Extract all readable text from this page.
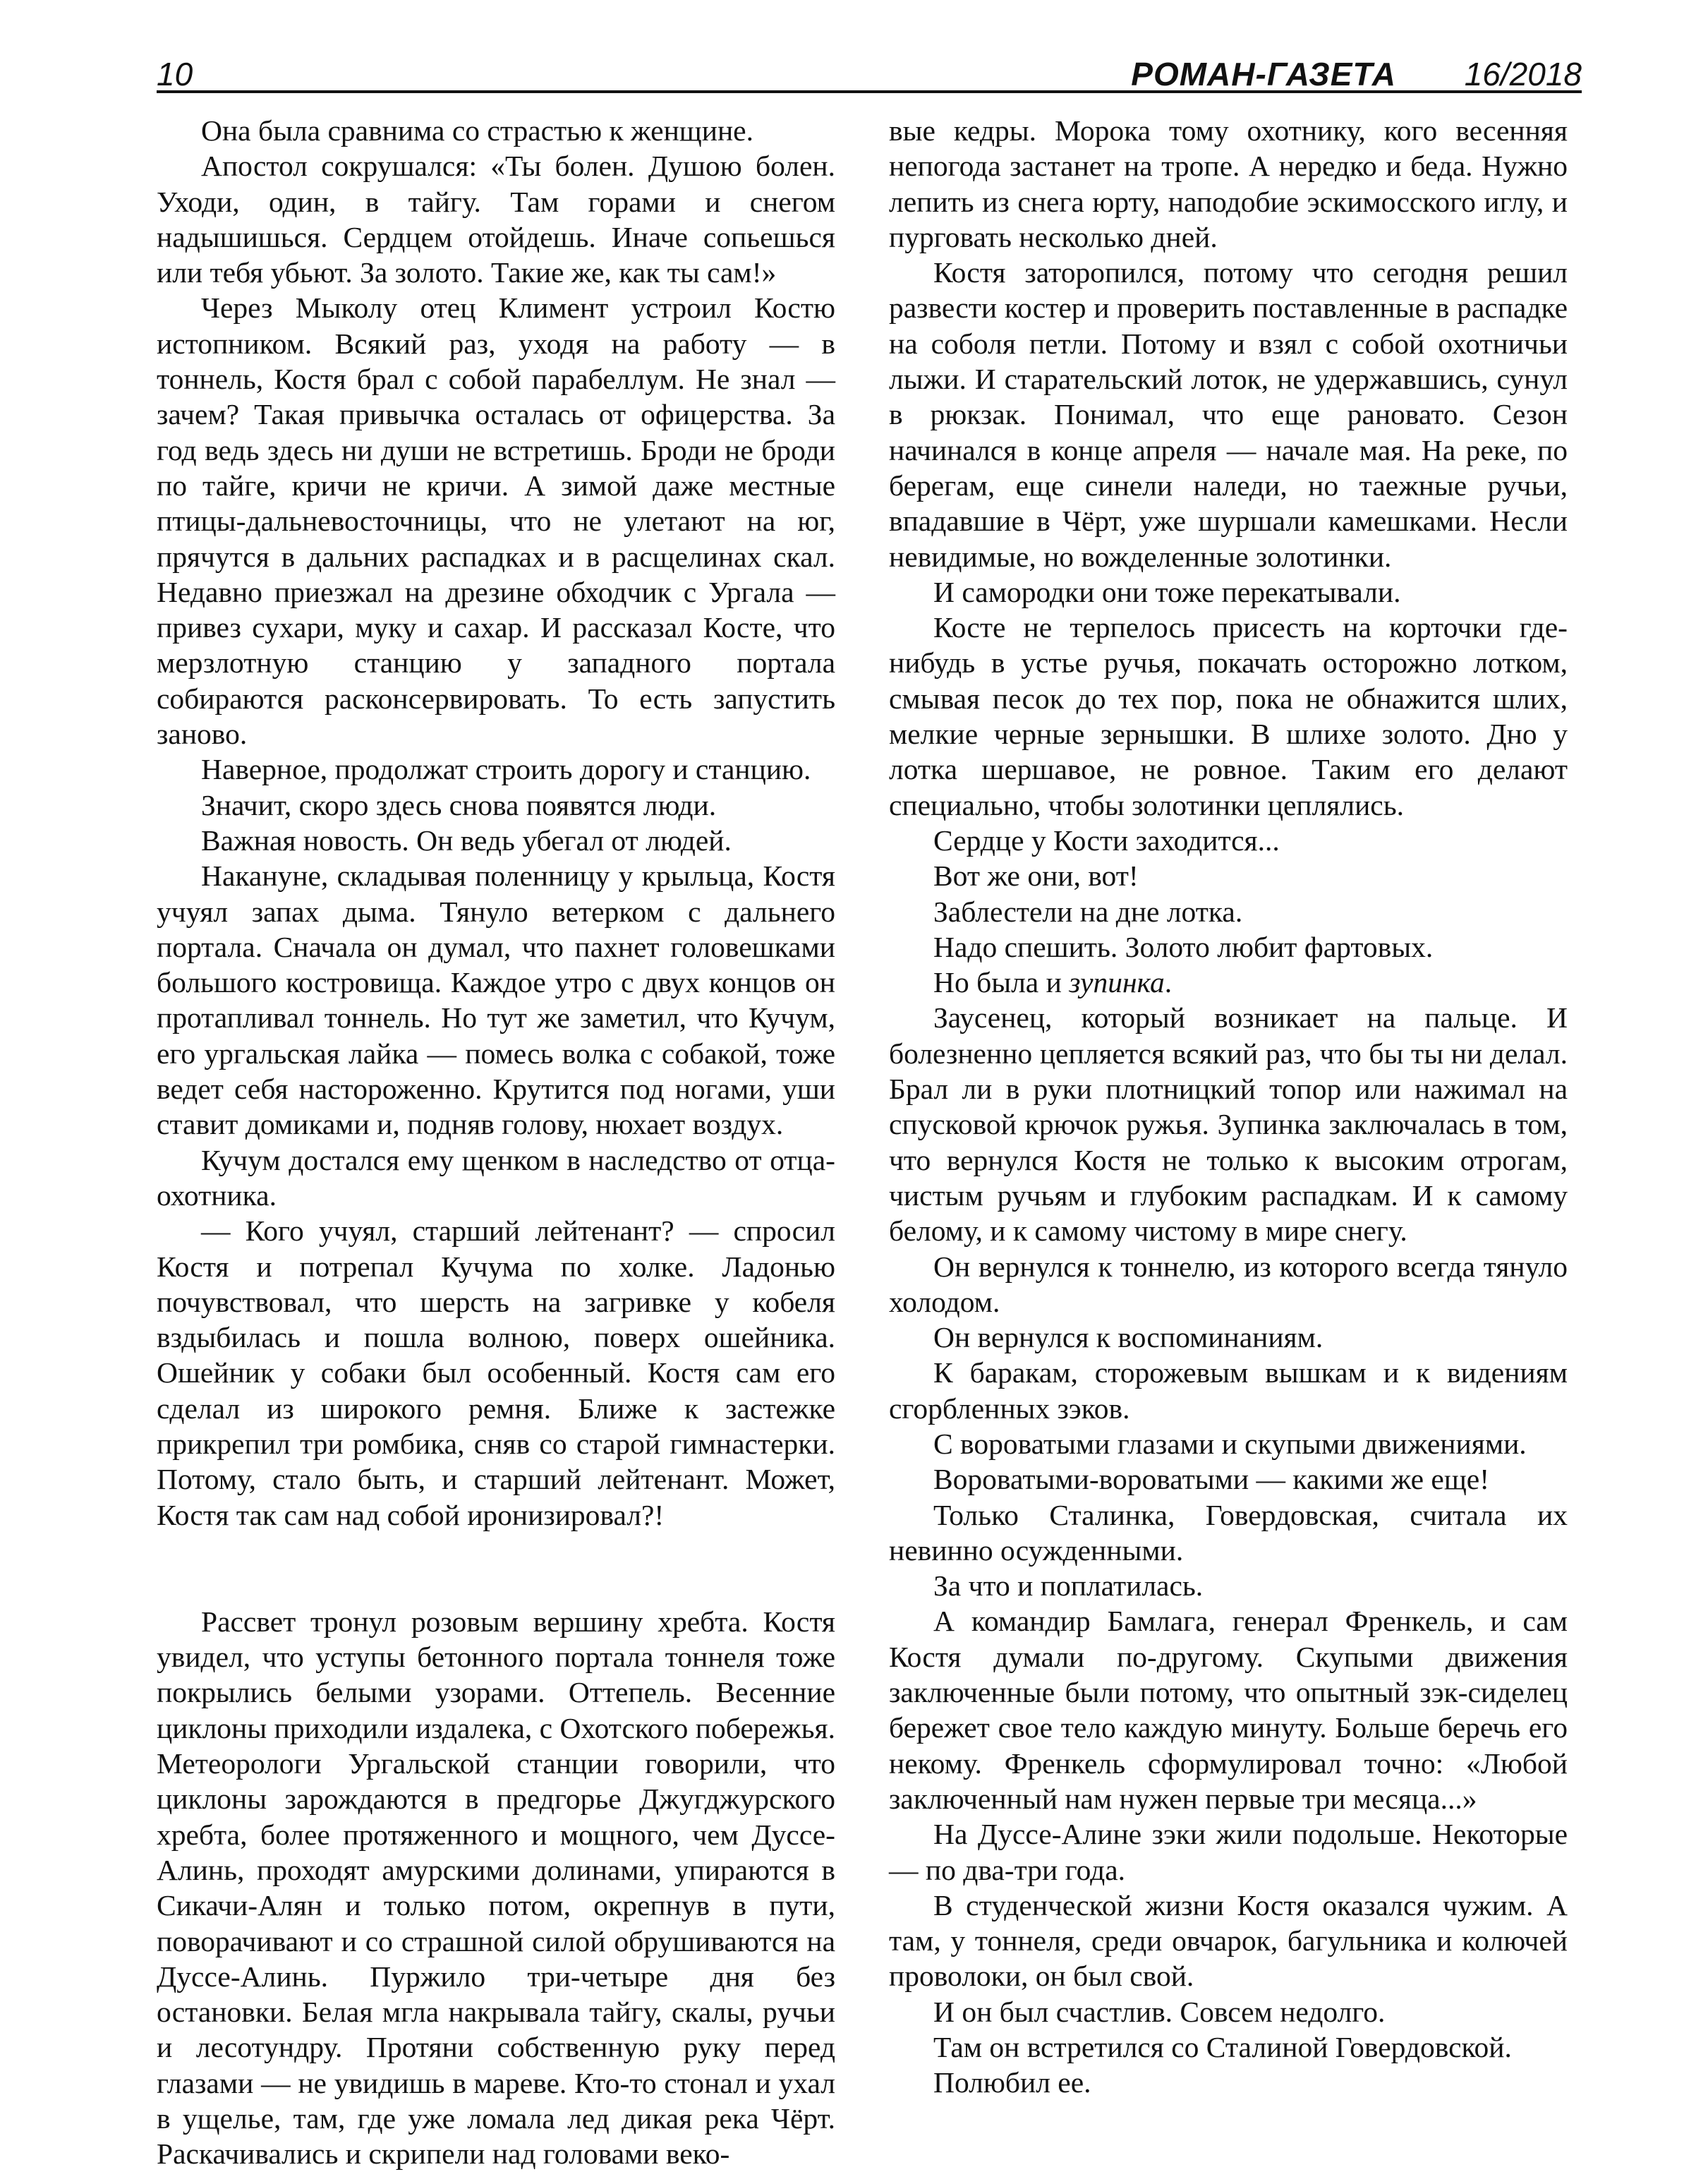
10	РОМАН-ГАЗЕТА 16/2018

Она была сравнима со страстью к женщине.

Апостол сокрушался: «Ты болен. Душою болен. Уходи, один, в тайгу. Там горами и снегом надышишься. Сердцем отойдешь. Иначе сопьешься или тебя убьют. За золото. Такие же, как ты сам!»

Через Мыколу отец Климент устроил Костю истопником. Всякий раз, уходя на работу — в тоннель, Костя брал с собой парабеллум. Не знал — зачем? Такая привычка осталась от офицерства. За год ведь здесь ни души не встретишь. Броди не броди по тайге, кричи не кричи. А зимой даже местные птицы-дальневосточницы, что не улетают на юг, прячутся в дальних распадках и в расщелинах скал. Недавно приезжал на дрезине обходчик с Ургала — привез сухари, муку и сахар. И рассказал Косте, что мерзлотную станцию у западного портала собираются расконсервировать. То есть запустить заново.

Наверное, продолжат строить дорогу и станцию.

Значит, скоро здесь снова появятся люди.

Важная новость. Он ведь убегал от людей.

Накануне, складывая поленницу у крыльца, Костя учуял запах дыма. Тянуло ветерком с дальнего портала. Сначала он думал, что пахнет головешками большого костровища. Каждое утро с двух концов он протапливал тоннель. Но тут же заметил, что Кучум, его ургальская лайка — помесь волка с собакой, тоже ведет себя настороженно. Крутится под ногами, уши ставит домиками и, подняв голову, нюхает воздух.

Кучум достался ему щенком в наследство от отца-охотника.

— Кого учуял, старший лейтенант? — спросил Костя и потрепал Кучума по холке. Ладонью почувствовал, что шерсть на загривке у кобеля вздыбилась и пошла волною, поверх ошейника. Ошейник у собаки был особенный. Костя сам его сделал из широкого ремня. Ближе к застежке прикрепил три ромбика, сняв со старой гимнастерки. Потому, стало быть, и старший лейтенант. Может, Костя так сам над собой иронизировал?!

Рассвет тронул розовым вершину хребта. Костя увидел, что уступы бетонного портала тоннеля тоже покрылись белыми узорами. Оттепель. Весенние циклоны приходили издалека, с Охотского побережья. Метеорологи Ургальской станции говорили, что циклоны зарождаются в предгорье Джугджурского хребта, более протяженного и мощного, чем Дуссе-Алинь, проходят амурскими долинами, упираются в Сикачи-Алян и только потом, окрепнув в пути, поворачивают и со страшной силой обрушиваются на Дуссе-Алинь. Пуржило три-четыре дня без остановки. Белая мгла накрывала тайгу, скалы, ручьи и лесотундру. Протяни собственную руку перед глазами — не увидишь в мареве. Кто-то стонал и ухал в ущелье, там, где уже ломала лед дикая река Чёрт. Раскачивались и скрипели над головами веко-

вые кедры. Морока тому охотнику, кого весенняя непогода застанет на тропе. А нередко и беда. Нужно лепить из снега юрту, наподобие эскимосского иглу, и пурговать несколько дней.

Костя заторопился, потому что сегодня решил развести костер и проверить поставленные в распадке на соболя петли. Потому и взял с собой охотничьи лыжи. И старательский лоток, не удержавшись, сунул в рюкзак. Понимал, что еще рановато. Сезон начинался в конце апреля — начале мая. На реке, по берегам, еще синели наледи, но таежные ручьи, впадавшие в Чёрт, уже шуршали камешками. Несли невидимые, но вожделенные золотинки.

И самородки они тоже перекатывали.

Косте не терпелось присесть на корточки где-нибудь в устье ручья, покачать осторожно лотком, смывая песок до тех пор, пока не обнажится шлих, мелкие черные зернышки. В шлихе золото. Дно у лотка шершавое, не ровное. Таким его делают специально, чтобы золотинки цеплялись.

Сердце у Кости заходится...

Вот же они, вот!

Заблестели на дне лотка.

Надо спешить. Золото любит фартовых.

Но была и зупинка.

Заусенец, который возникает на пальце. И болезненно цепляется всякий раз, что бы ты ни делал. Брал ли в руки плотницкий топор или нажимал на спусковой крючок ружья. Зупинка заключалась в том, что вернулся Костя не только к высоким отрогам, чистым ручьям и глубоким распадкам. И к самому белому, и к самому чистому в мире снегу.

Он вернулся к тоннелю, из которого всегда тянуло холодом.

Он вернулся к воспоминаниям.

К баракам, сторожевым вышкам и к видениям сгорбленных зэков.

С вороватыми глазами и скупыми движениями.

Вороватыми-вороватыми — какими же еще!

Только Сталинка, Говердовская, считала их невинно осужденными.

За что и поплатилась.

А командир Бамлага, генерал Френкель, и сам Костя думали по-другому. Скупыми движения заключенные были потому, что опытный зэк-сиделец бережет свое тело каждую минуту. Больше беречь его некому. Френкель сформулировал точно: «Любой заключенный нам нужен первые три месяца...»

На Дуссе-Алине зэки жили подольше. Некоторые — по два-три года.

В студенческой жизни Костя оказался чужим. А там, у тоннеля, среди овчарок, багульника и колючей проволоки, он был свой.

И он был счастлив. Совсем недолго.

Там он встретился со Сталиной Говердовской.

Полюбил ее.
